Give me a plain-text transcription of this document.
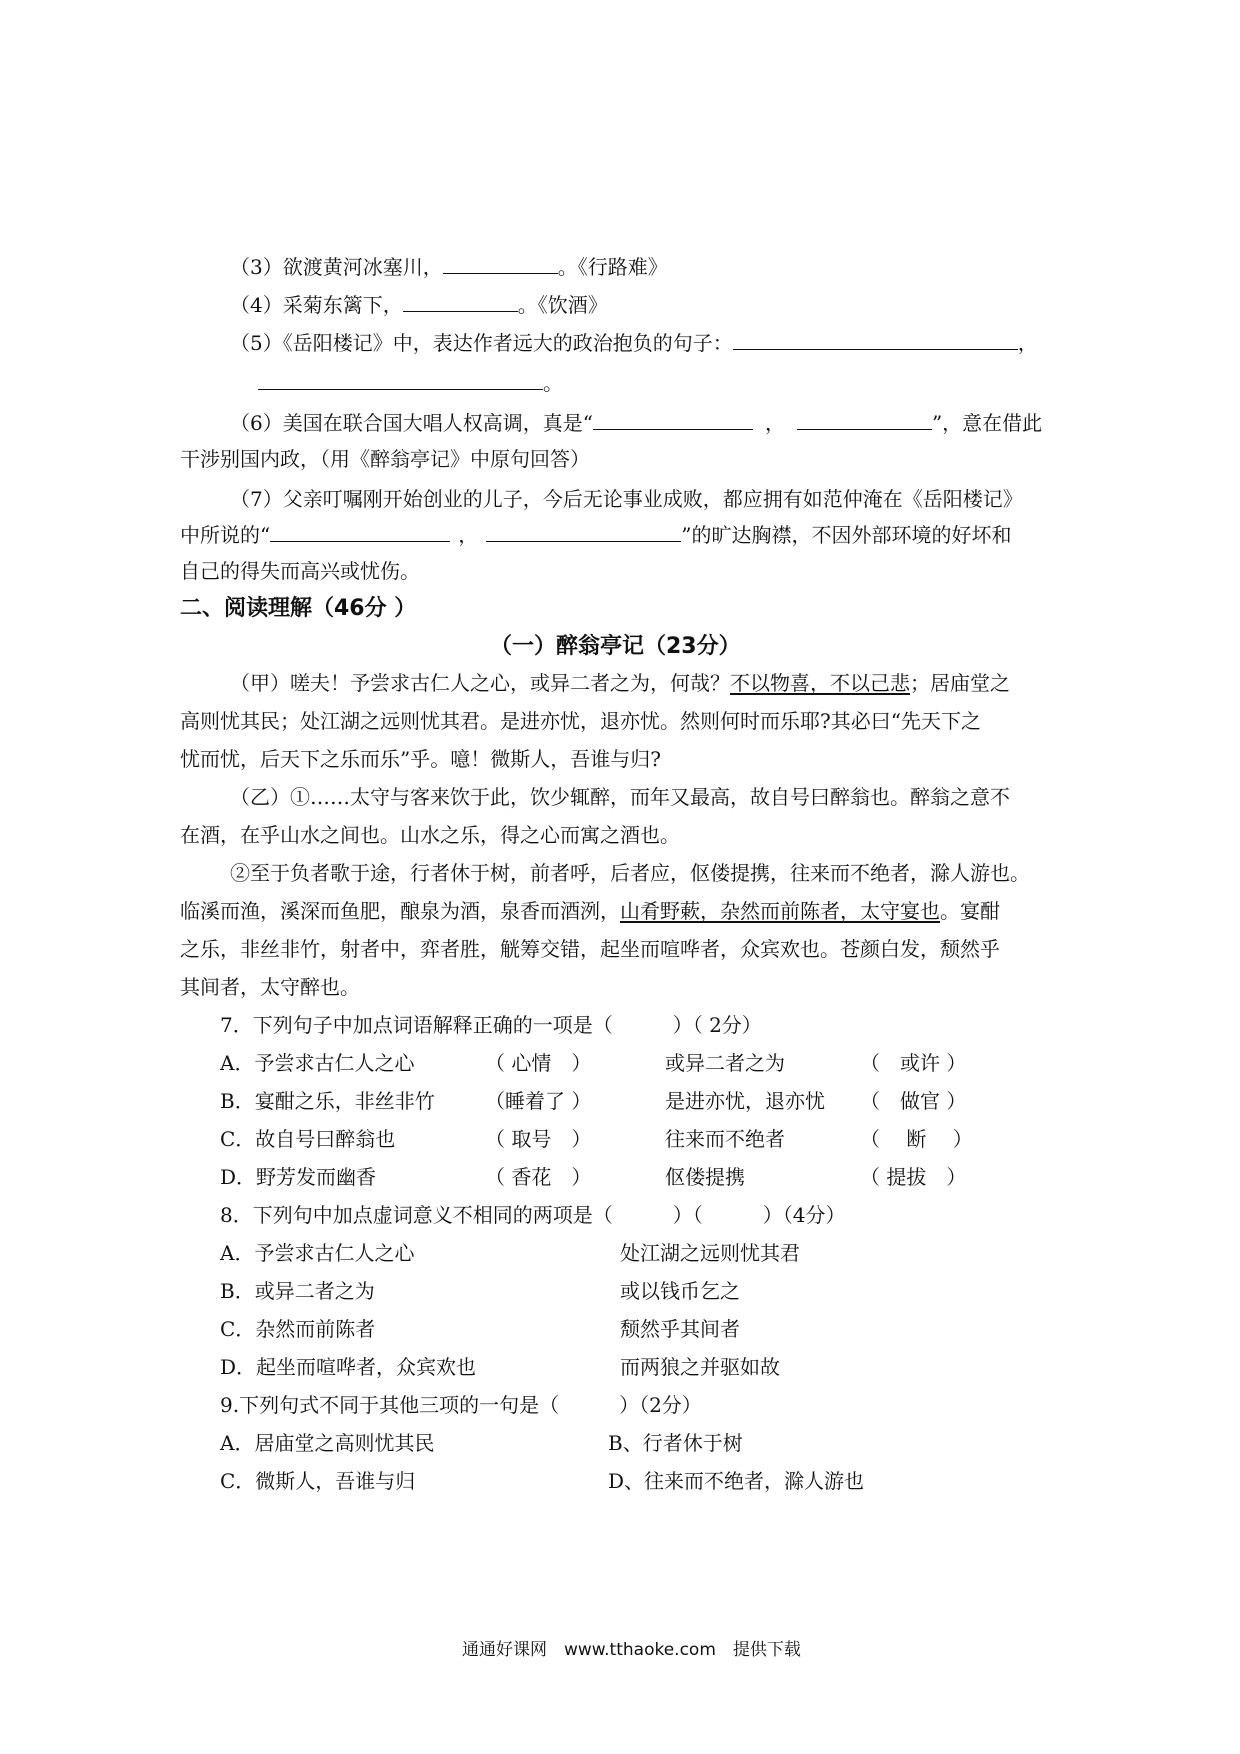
（3）欲渡黄河冰塞川，	。《行路难》
（4）采菊东篱下，	。《饮酒》
（5）《岳阳楼记》中，表达作者远大的政治抱负的句子：	，
。
（6）美国在联合国大唱人权高调，真是“	，	”，意在借此
干涉别国内政，（用《醉翁亭记》中原句回答）
（7）父亲叮嘱刚开始创业的儿子，今后无论事业成败，都应拥有如范仲淹在《岳阳楼记》
中所说的“	，	”的旷达胸襟，不因外部环境的好坏和
自己的得失而高兴或忧伤。
二、阅读理解（46分 ）
（一）醉翁亭记（23分）
（甲）嗟夫！予尝求古仁人之心，或异二者之为，何哉？不以物喜，不以己悲；居庙堂之
高则忧其民；处江湖之远则忧其君。是进亦忧，退亦忧。然则何时而乐耶?其必曰“先天下之
忧而忧，后天下之乐而乐”乎。噫！微斯人，吾谁与归?
（乙）①……太守与客来饮于此，饮少辄醉，而年又最高，故自号曰醉翁也。醉翁之意不
在酒，在乎山水之间也。山水之乐，得之心而寓之酒也。
②至于负者歌于途，行者休于树，前者呼，后者应，伛偻提携，往来而不绝者，滁人游也。
临溪而渔，溪深而鱼肥，酿泉为酒，泉香而酒洌，山肴野蔌，杂然而前陈者，太守宴也。宴酣
之乐，非丝非竹，射者中，弈者胜，觥筹交错，起坐而喧哗者，众宾欢也。苍颜白发，颓然乎
其间者，太守醉也。
7．下列句子中加点词语解释正确的一项是（　　　）（ 2分）
A．予尝求古仁人之心	（ 心情　）	或异二者之为	（　或许 ）
B．宴酣之乐，非丝非竹	（睡着了 ）	是进亦忧，退亦忧 （　做官 ）
C．故自号曰醉翁也	（ 取号　）	往来而不绝者	（　 断　 ）
D．野芳发而幽香	（ 香花　）	伛偻提携	（ 提拔　）
8．下列句中加点虚词意义不相同的两项是（　　　）（　　　）（4分）
A．予尝求古仁人之心	处江湖之远则忧其君
B．或异二者之为	或以钱币乞之
C．杂然而前陈者	颓然乎其间者
D．起坐而喧哗者，众宾欢也	而两狼之并驱如故
9.下列句式不同于其他三项的一句是（　　　）（2分）
A．居庙堂之高则忧其民	B、行者休于树
C．微斯人，吾谁与归	D、往来而不绝者，滁人游也
通通好课网　www.tthaoke.com　提供下载
